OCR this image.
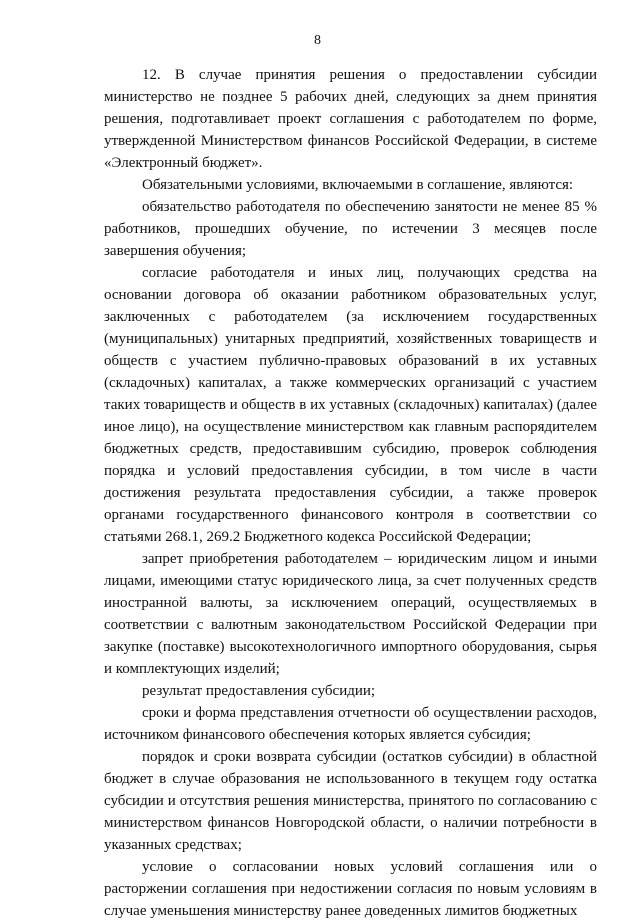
8

12. В случае принятия решения о предоставлении субсидии министерство не позднее 5 рабочих дней, следующих за днем принятия решения, подготавливает проект соглашения с работодателем по форме, утвержденной Министерством финансов Российской Федерации, в системе «Электронный бюджет».

Обязательными условиями, включаемыми в соглашение, являются:

обязательство работодателя по обеспечению занятости не менее 85 % работников, прошедших обучение, по истечении 3 месяцев после завершения обучения;

согласие работодателя и иных лиц, получающих средства на основании договора об оказании работником образовательных услуг, заключенных с работодателем (за исключением государственных (муниципальных) унитарных предприятий, хозяйственных товариществ и обществ с участием публично-правовых образований в их уставных (складочных) капиталах, а также коммерческих организаций с участием таких товариществ и обществ в их уставных (складочных) капиталах) (далее иное лицо), на осуществление министерством как главным распорядителем бюджетных средств, предоставившим субсидию, проверок соблюдения порядка и условий предоставления субсидии, в том числе в части достижения результата предоставления субсидии, а также проверок органами государственного финансового контроля в соответствии со статьями 268.1, 269.2 Бюджетного кодекса Российской Федерации;

запрет приобретения работодателем – юридическим лицом и иными лицами, имеющими статус юридического лица, за счет полученных средств иностранной валюты, за исключением операций, осуществляемых в соответствии с валютным законодательством Российской Федерации при закупке (поставке) высокотехнологичного импортного оборудования, сырья и комплектующих изделий;

результат предоставления субсидии;

сроки и форма представления отчетности об осуществлении расходов, источником финансового обеспечения которых является субсидия;

порядок и сроки возврата субсидии (остатков субсидии) в областной бюджет в случае образования не использованного в текущем году остатка субсидии и отсутствия решения министерства, принятого по согласованию с министерством финансов Новгородской области, о наличии потребности в указанных средствах;

условие о согласовании новых условий соглашения или о расторжении соглашения при недостижении согласия по новым условиям в случае уменьшения министерству ранее доведенных лимитов бюджетных
